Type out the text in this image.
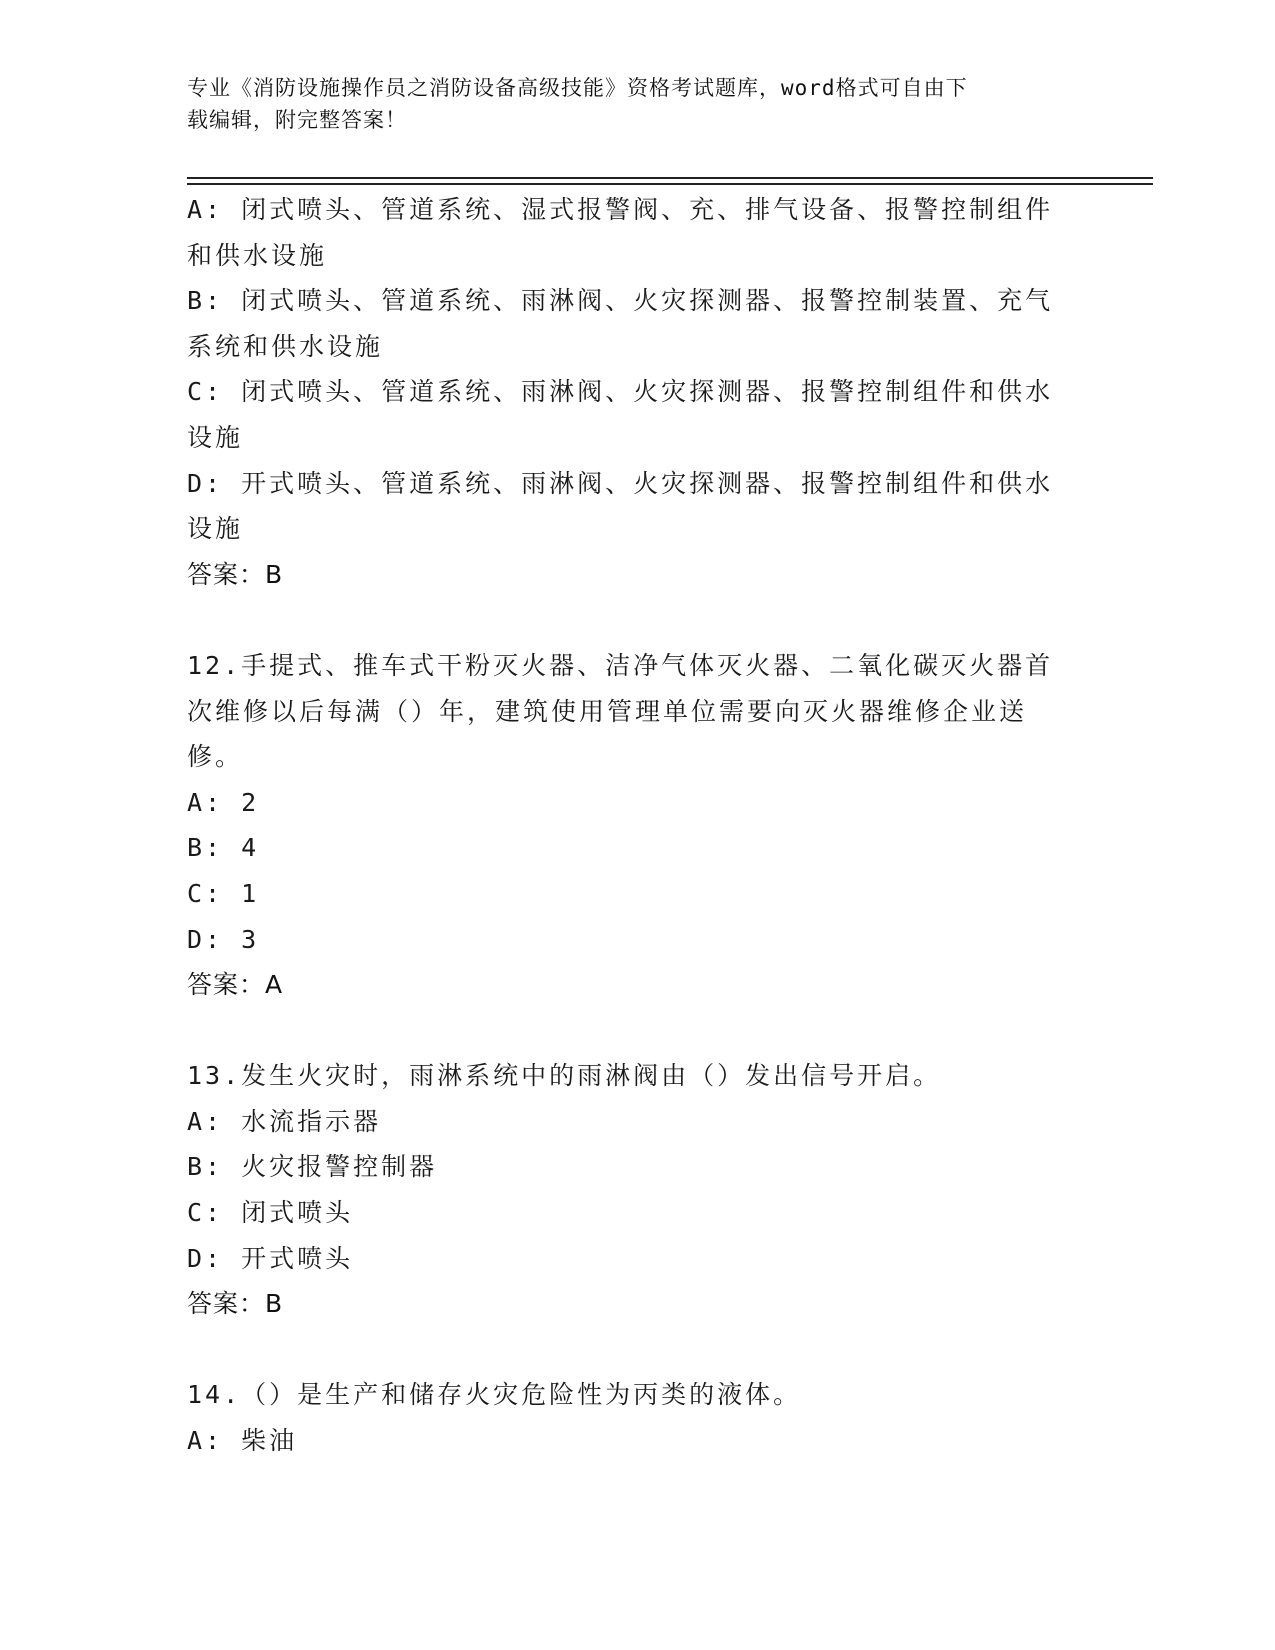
专业《消防设施操作员之消防设备高级技能》资格考试题库，word格式可自由下
载编辑，附完整答案！
A: 闭式喷头、管道系统、湿式报警阀、充、排气设备、报警控制组件
和供水设施
B: 闭式喷头、管道系统、雨淋阀、火灾探测器、报警控制装置、充气
系统和供水设施
C: 闭式喷头、管道系统、雨淋阀、火灾探测器、报警控制组件和供水
设施
D: 开式喷头、管道系统、雨淋阀、火灾探测器、报警控制组件和供水
设施
答案：B
12.手提式、推车式干粉灭火器、洁净气体灭火器、二氧化碳灭火器首
次维修以后每满（）年，建筑使用管理单位需要向灭火器维修企业送
修。
A: 2
B: 4
C: 1
D: 3
答案：A
13.发生火灾时，雨淋系统中的雨淋阀由（）发出信号开启。
A: 水流指示器
B: 火灾报警控制器
C: 闭式喷头
D: 开式喷头
答案：B
14.（）是生产和储存火灾危险性为丙类的液体。
A: 柴油
